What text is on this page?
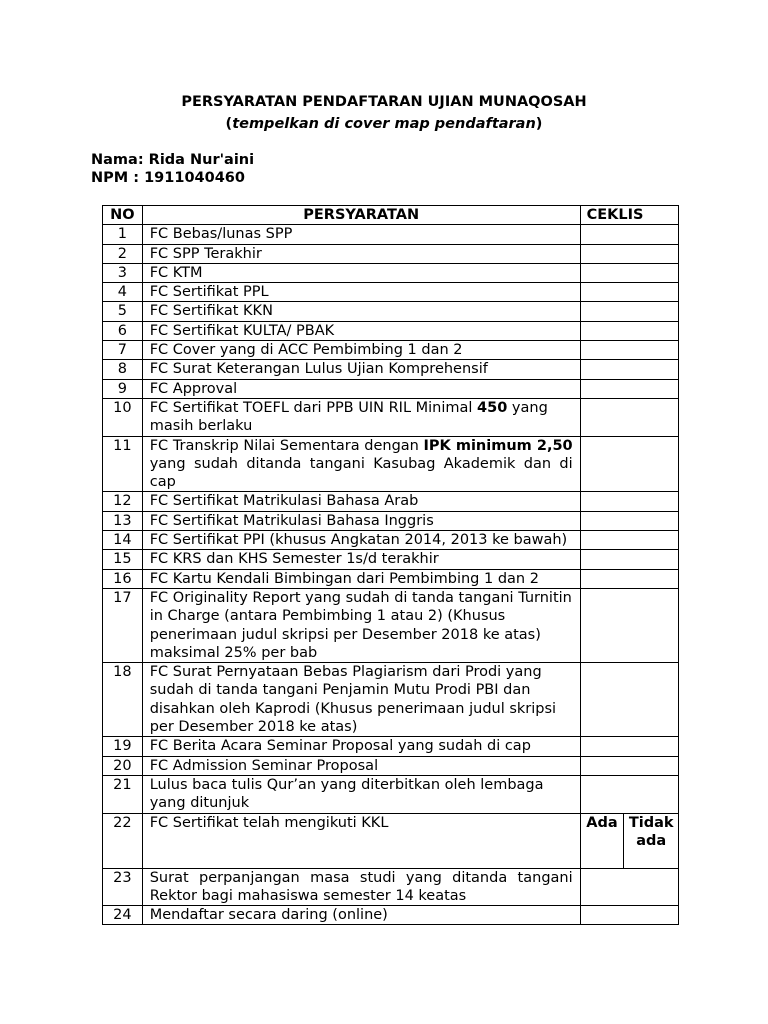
PERSYARATAN PENDAFTARAN UJIAN MUNAQOSAH
(tempelkan di cover map pendaftaran)
Nama: Rida Nur'aini
NPM : 1911040460
NO	PERSYARATAN	CEKLIS	
1	FC Bebas/lunas SPP		
2	FC SPP Terakhir		
3	FC KTM		
4	FC Sertifikat PPL		
5	FC Sertifikat KKN		
6	FC Sertifikat KULTA/ PBAK		
7	FC Cover yang di ACC Pembimbing 1 dan 2		
8	FC Surat Keterangan Lulus Ujian Komprehensif		
9	FC Approval		
10	FC Sertifikat TOEFL dari PPB UIN RIL Minimal 450 yang masih berlaku		
11	FC Transkrip Nilai Sementara dengan IPK minimum 2,50 yang sudah ditanda tangani Kasubag Akademik dan di cap		
12	FC Sertifikat Matrikulasi Bahasa Arab		
13	FC Sertifikat Matrikulasi Bahasa Inggris		
14	FC Sertifikat PPI (khusus Angkatan 2014, 2013 ke bawah)		
15	FC KRS dan KHS Semester 1s/d terakhir		
16	FC Kartu Kendali Bimbingan dari Pembimbing 1 dan 2		
17	FC Originality Report yang sudah di tanda tangani Turnitin in Charge (antara Pembimbing 1 atau 2) (Khusus penerimaan judul skripsi per Desember 2018 ke atas) maksimal 25% per bab		
18	FC Surat Pernyataan Bebas Plagiarism dari Prodi yang sudah di tanda tangani Penjamin Mutu Prodi PBI dan disahkan oleh Kaprodi (Khusus penerimaan judul skripsi per Desember 2018 ke atas)		
19	FC Berita Acara Seminar Proposal yang sudah di cap		
20	FC Admission Seminar Proposal		
21	Lulus baca tulis Qur’an yang diterbitkan oleh lembaga yang ditunjuk		
22	FC Sertifikat telah mengikuti KKL	Ada	Tidak ada
23	Surat perpanjangan masa studi yang ditanda tangani Rektor bagi mahasiswa semester 14 keatas		
24	Mendaftar secara daring (online)		
